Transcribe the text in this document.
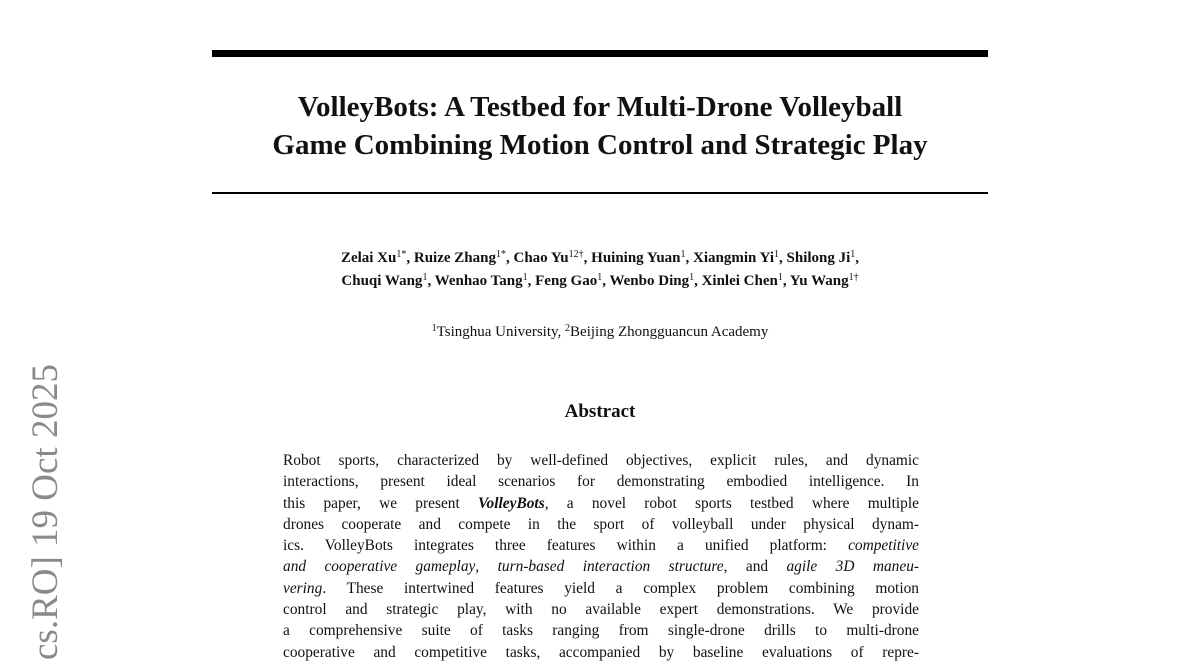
cs.RO] 19 Oct 2025
VolleyBots: A Testbed for Multi-Drone Volleyball
Game Combining Motion Control and Strategic Play
Zelai $Xu^{1*}$, Ruize Zhang$^{1*}$, Chao $Yu^{12\dagger}$, Huining Yuan$^1$, Xiangmin Yi$^1$, Shilong Ji$^1$,
Chuqi Wang$^1$, Wenhao Tang$^1$, Feng Gao$^1$, Wenbo Ding$^1$, Xinlei Chen$^1$, Yu Wang$^{1\dagger}$
$^1$Tsinghua University, $^2$Beijing Zhongguancun Academy
Abstract
Robot sports, characterized by well-defined objectives, explicit rules, and dynamic
interactions, present ideal scenarios for demonstrating embodied intelligence. In
this paper, we present VolleyBots, a novel robot sports testbed where multiple
drones cooperate and compete in the sport of volleyball under physical dynam-
ics. VolleyBots integrates three features within a unified platform: competitive
and cooperative gameplay, turn-based interaction structure, and agile 3D maneu-
vering. These intertwined features yield a complex problem combining motion
control and strategic play, with no available expert demonstrations. We provide
a comprehensive suite of tasks ranging from single-drone drills to multi-drone
cooperative and competitive tasks, accompanied by baseline evaluations of repre-
